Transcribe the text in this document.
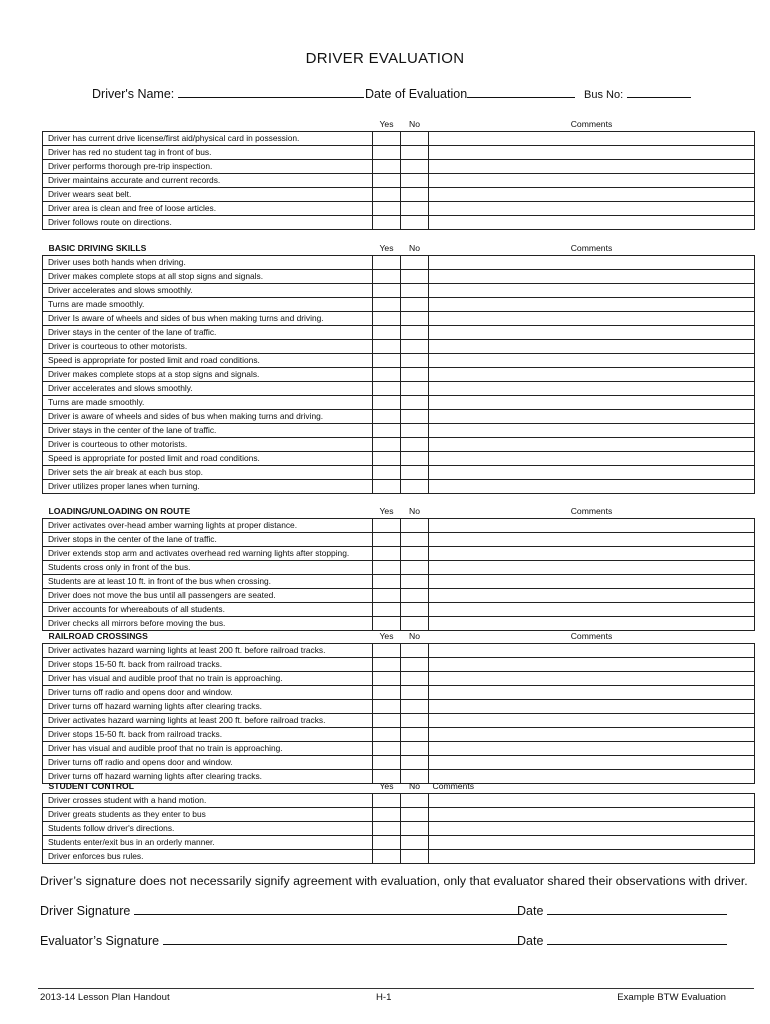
DRIVER EVALUATION
Driver's Name:	Date of Evaluation	Bus No:
	Yes	No	Comments
Driver has current drive license/first aid/physical card in possession.			
Driver has red no student tag in front of bus.			
Driver performs thorough pre-trip inspection.			
Driver maintains accurate and current records.			
Driver wears seat belt.			
Driver area is clean and free of loose articles.			
Driver follows route on directions.			
BASIC DRIVING SKILLS	Yes	No	Comments
Driver uses both hands when driving.			
Driver makes complete stops at all stop signs and signals.			
Driver accelerates and slows smoothly.			
Turns are made smoothly.			
Driver Is aware of wheels and sides of bus when making turns and driving.			
Driver stays in the center of the lane of traffic.			
Driver is courteous to other motorists.			
Speed is appropriate for posted limit and road conditions.			
Driver makes complete stops at a stop signs and signals.			
Driver accelerates and slows smoothly.			
Turns are made smoothly.			
Driver is aware of wheels and sides of bus when making turns and driving.			
Driver stays in the center of the lane of traffic.			
Driver is courteous to other motorists.			
Speed is appropriate for posted limit and road conditions.			
Driver sets the air break at each bus stop.			
Driver utilizes proper lanes when turning.			
LOADING/UNLOADING ON ROUTE	Yes	No	Comments
Driver activates over-head amber warning lights at proper distance.			
Driver stops in the center of the lane of traffic.			
Driver extends stop arm and activates overhead red warning lights after stopping.			
Students cross only in front of the bus.			
Students are at least 10 ft. in front of the bus when crossing.			
Driver does not move the bus until all passengers are seated.			
Driver accounts for whereabouts of all students.			
Driver checks all mirrors before moving the bus.			
RAILROAD CROSSINGS	Yes	No	Comments
Driver activates hazard warning lights at least 200 ft. before railroad tracks.			
Driver stops 15-50 ft. back from railroad tracks.			
Driver has visual and audible proof that no train is approaching.			
Driver turns off radio and opens door and window.			
Driver turns off hazard warning lights after clearing tracks.			
Driver activates hazard warning lights at least 200 ft. before railroad tracks.			
Driver stops 15-50 ft. back from railroad tracks.			
Driver has visual and audible proof that no train is approaching.			
Driver turns off radio and opens door and window.			
Driver turns off hazard warning lights after clearing tracks.			
STUDENT CONTROL	Yes	No	Comments
Driver crosses student with a hand motion.			
Driver greats students as they enter to bus			
Students follow driver's directions.			
Students enter/exit bus in an orderly manner.			
Driver enforces bus rules.			
Driver’s signature does not necessarily signify agreement with evaluation, only that evaluator shared their observations with driver.
Driver Signature	Date
Evaluator’s Signature	Date
2013-14 Lesson Plan Handout	H-1	Example BTW Evaluation
